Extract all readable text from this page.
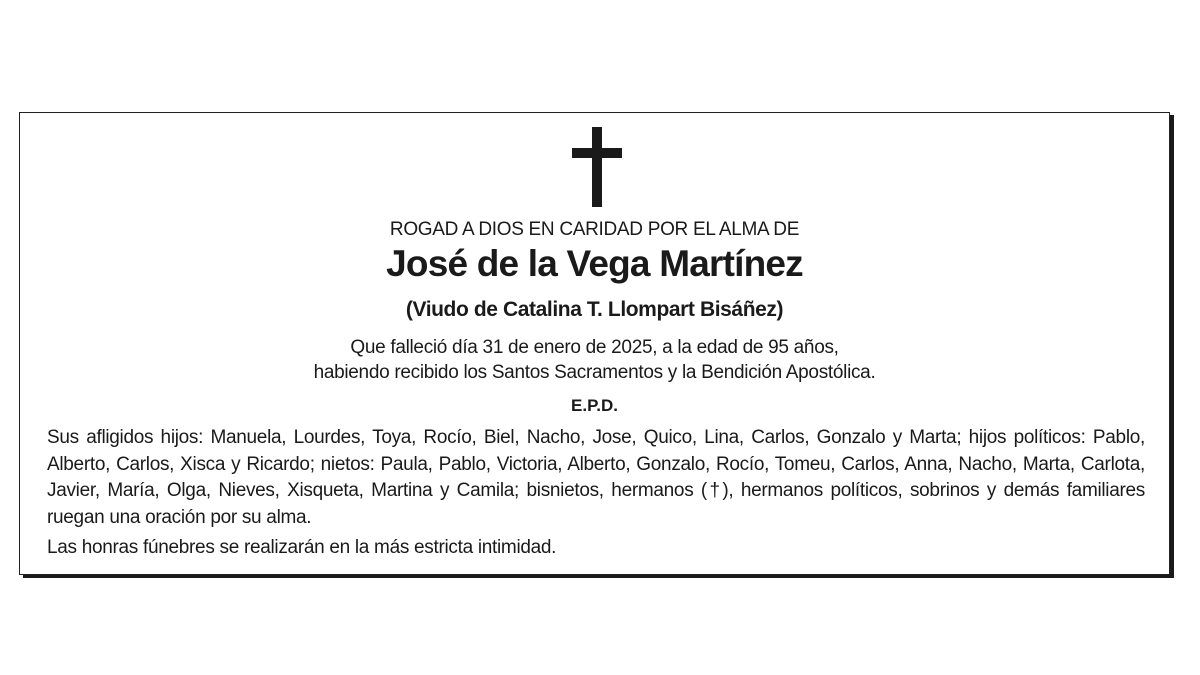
ROGAD A DIOS EN CARIDAD POR EL ALMA DE
José de la Vega Martínez
(Viudo de Catalina T. Llompart Bisáñez)
Que falleció día 31 de enero de 2025, a la edad de 95 años,
habiendo recibido los Santos Sacramentos y la Bendición Apostólica.
E.P.D.
Sus afligidos hijos: Manuela, Lourdes, Toya, Rocío, Biel, Nacho, Jose, Quico, Lina, Carlos, Gonzalo y Marta; hijos políticos: Pablo, Alberto, Carlos, Xisca y Ricardo; nietos: Paula, Pablo, Victoria, Alberto, Gonzalo, Rocío, Tomeu, Carlos, Anna, Nacho, Marta, Carlota, Javier, María, Olga, Nieves, Xisqueta, Martina y Camila; bisnietos, hermanos (†), hermanos políticos, sobrinos y demás familiares ruegan una oración por su alma.
Las honras fúnebres se realizarán en la más estricta intimidad.
